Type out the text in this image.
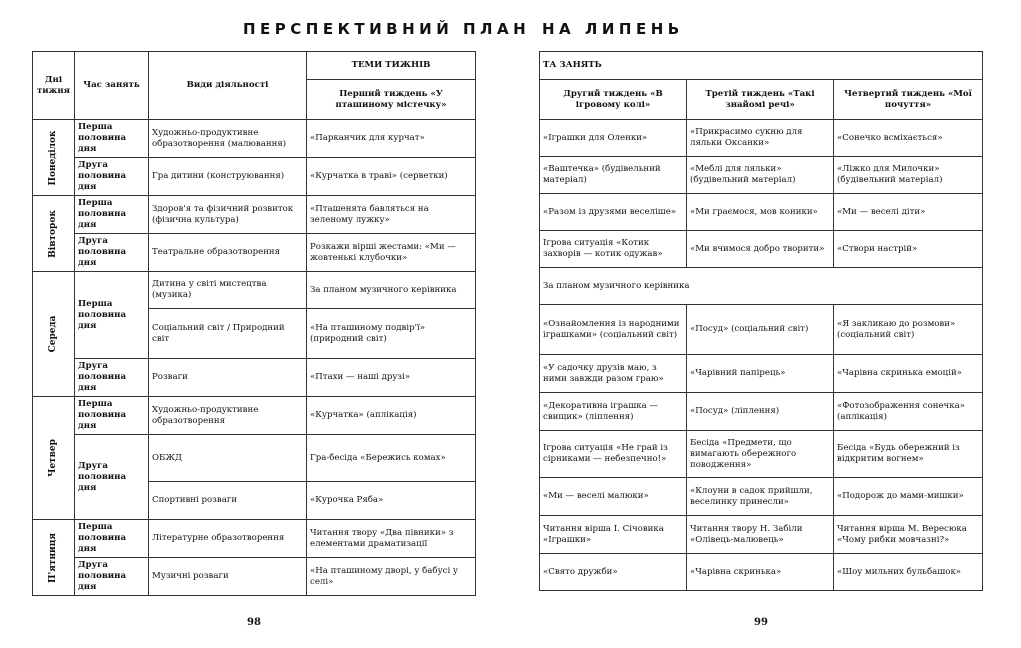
ПЕРСПЕКТИВНИЙ ПЛАН НА ЛИПЕНЬ
Дні тижня	Час занять	Види діяльності	ТЕМИ ТИЖНІВ
			Перший тиждень «У пташиному містечку»

Понеділок	Перша половина дня	Художньо-продуктивне образотворення (малювання)	«Парканчик для курчат»
	Друга половина дня	Гра дитини (конструювання)	«Курчатка в траві» (серветки)

Вівторок	Перша половина дня	Здоров'я та фізичний розвиток (фізична культура)	«Пташенята бавляться на зеленому лужку»
	Друга половина дня	Театральне образотворення	Розкажи вірші жестами: «Ми — жовтенькі клубочки»

Середа	Перша половина дня	Дитина у світі мистецтва (музика)	За планом музичного керівника
		Соціальний світ / Природний світ	«На пташиному подвір'ї» (природний світ)
	Друга половина дня	Розваги	«Птахи — наші друзі»

Четвер	Перша половина дня	Художньо-продуктивне образотворення	«Курчатка» (аплікація)
	Друга половина дня	ОБЖД	Гра-бесіда «Бережись комах»
		Спортивні розваги	«Курочка Ряба»

П'ятниця	Перша половина дня	Літературне образотворення	Читання твору «Два півники» з елементами драматизації
	Друга половина дня	Музичні розваги	«На пташиному дворі, у бабусі у селі»
ТА ЗАНЯТЬ		
Другий тиждень «В ігровому колі»	Третій тиждень «Такі знайомі речі»	Четвертий тиждень «Мої почуття»
«Іграшки для Оленки»	«Прикрасимо сукню для ляльки Оксанки»	«Сонечко всміхається»
«Ваштечка» (будівельний матеріал)	«Меблі для ляльки» (будівельний матеріал)	«Ліжко для Милочки» (будівельний матеріал)
«Разом із друзями веселіше»	«Ми граємося, мов коники»	«Ми — веселі діти»
Ігрова ситуація «Котик захворів — котик одужав»	«Ми вчимося добро творити»	«Створи настрій»
За планом музичного керівника		
«Ознайомлення із народними іграшками» (соціальний світ)	«Посуд» (соціальний світ)	«Я закликаю до розмови» (соціальний світ)
«У садочку друзів маю, з ними завжди разом граю»	«Чарівний папірець»	«Чарівна скринька емоцій»
«Декоративна іграшка — свищик» (ліплення)	«Посуд» (ліплення)	«Фотозображення сонечка» (аплікація)
Ігрова ситуація «Не грай із сірниками — небезпечно!»	Бесіда «Предмети, що вимагають обережного поводження»	Бесіда «Будь обережний із відкритим вогнем»
«Ми — веселі малюки»	«Клоуни в садок прийшли, веселинку принесли»	«Подорож до мами-мишки»
Читання вірша І. Січовика «Іграшки»	Читання твору Н. Забіли «Олівець-малювець»	Читання вірша М. Вересюка «Чому рибки мовчазні?»
«Свято дружби»	«Чарівна скринька»	«Шоу мильних бульбашок»
98	99
